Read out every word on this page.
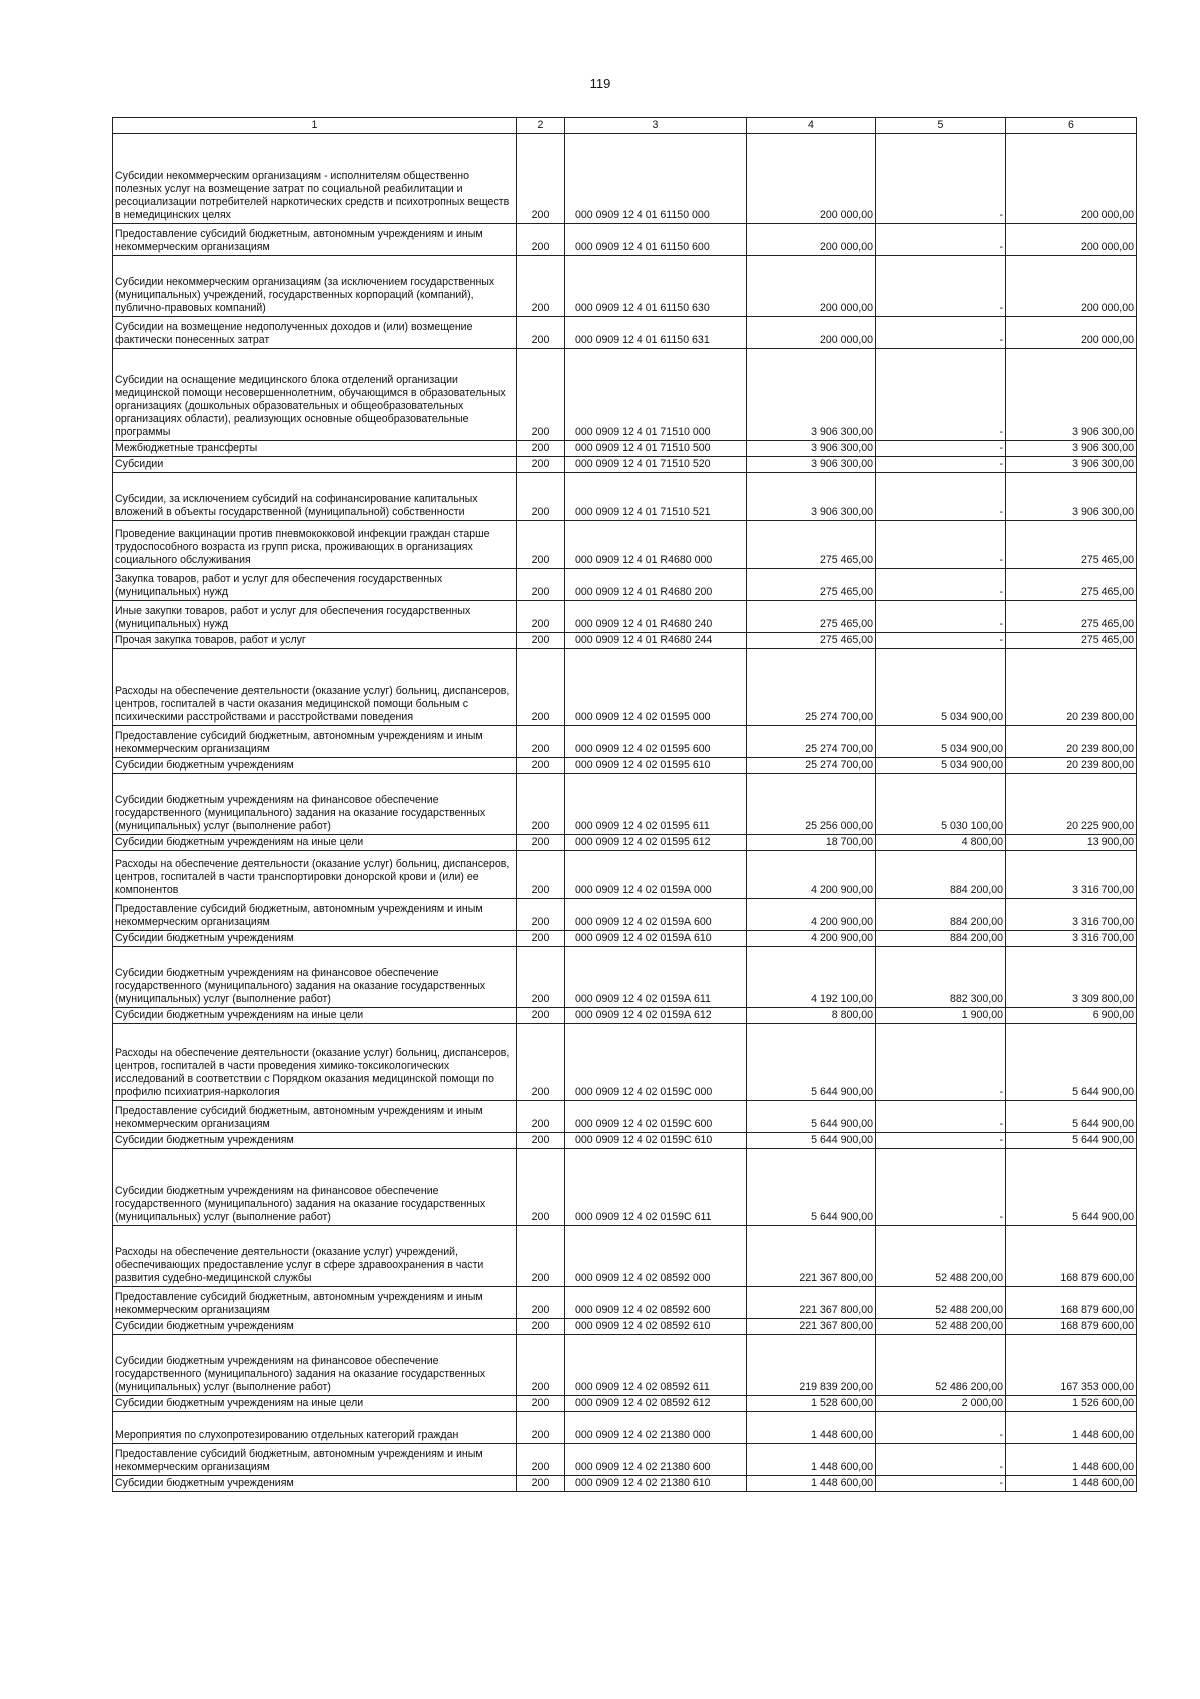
119
1	2	3	4	5	6
Субсидии некоммерческим организациям - исполнителям общественно полезных услуг на возмещение затрат по социальной реабилитации и ресоциализации потребителей наркотических средств и психотропных веществ в немедицинских целях	200	000 0909 12 4 01 61150 000	200 000,00	-	200 000,00
Предоставление субсидий бюджетным, автономным учреждениям и иным некоммерческим организациям	200	000 0909 12 4 01 61150 600	200 000,00	-	200 000,00
Субсидии некоммерческим организациям (за исключением государственных (муниципальных) учреждений, государственных корпораций (компаний), публично-правовых компаний)	200	000 0909 12 4 01 61150 630	200 000,00	-	200 000,00
Субсидии на возмещение недополученных доходов и (или) возмещение фактически понесенных затрат	200	000 0909 12 4 01 61150 631	200 000,00	-	200 000,00
Субсидии на оснащение медицинского блока отделений организации медицинской помощи несовершеннолетним, обучающимся в образовательных организациях (дошкольных образовательных и общеобразовательных организациях области), реализующих основные общеобразовательные программы	200	000 0909 12 4 01 71510 000	3 906 300,00	-	3 906 300,00
Межбюджетные трансферты	200	000 0909 12 4 01 71510 500	3 906 300,00	-	3 906 300,00
Субсидии	200	000 0909 12 4 01 71510 520	3 906 300,00	-	3 906 300,00
Субсидии, за исключением субсидий на софинансирование капитальных вложений в объекты государственной (муниципальной) собственности	200	000 0909 12 4 01 71510 521	3 906 300,00	-	3 906 300,00
Проведение вакцинации против пневмококковой инфекции граждан старше трудоспособного возраста из групп риска, проживающих в организациях социального обслуживания	200	000 0909 12 4 01 R4680 000	275 465,00	-	275 465,00
Закупка товаров, работ и услуг для обеспечения государственных (муниципальных) нужд	200	000 0909 12 4 01 R4680 200	275 465,00	-	275 465,00
Иные закупки товаров, работ и услуг для обеспечения государственных (муниципальных) нужд	200	000 0909 12 4 01 R4680 240	275 465,00	-	275 465,00
Прочая закупка товаров, работ и услуг	200	000 0909 12 4 01 R4680 244	275 465,00	-	275 465,00
Расходы на обеспечение деятельности (оказание услуг) больниц, диспансеров, центров, госпиталей в части оказания медицинской помощи больным с психическими расстройствами и расстройствами поведения	200	000 0909 12 4 02 01595 000	25 274 700,00	5 034 900,00	20 239 800,00
Предоставление субсидий бюджетным, автономным учреждениям и иным некоммерческим организациям	200	000 0909 12 4 02 01595 600	25 274 700,00	5 034 900,00	20 239 800,00
Субсидии бюджетным учреждениям	200	000 0909 12 4 02 01595 610	25 274 700,00	5 034 900,00	20 239 800,00
Субсидии бюджетным учреждениям на финансовое обеспечение государственного (муниципального) задания на оказание государственных (муниципальных) услуг (выполнение работ)	200	000 0909 12 4 02 01595 611	25 256 000,00	5 030 100,00	20 225 900,00
Субсидии бюджетным учреждениям на иные цели	200	000 0909 12 4 02 01595 612	18 700,00	4 800,00	13 900,00
Расходы на обеспечение деятельности (оказание услуг) больниц, диспансеров, центров, госпиталей в части транспортировки донорской крови и (или) ее компонентов	200	000 0909 12 4 02 0159А 000	4 200 900,00	884 200,00	3 316 700,00
Предоставление субсидий бюджетным, автономным учреждениям и иным некоммерческим организациям	200	000 0909 12 4 02 0159А 600	4 200 900,00	884 200,00	3 316 700,00
Субсидии бюджетным учреждениям	200	000 0909 12 4 02 0159А 610	4 200 900,00	884 200,00	3 316 700,00
Субсидии бюджетным учреждениям на финансовое обеспечение государственного (муниципального) задания на оказание государственных (муниципальных) услуг (выполнение работ)	200	000 0909 12 4 02 0159А 611	4 192 100,00	882 300,00	3 309 800,00
Субсидии бюджетным учреждениям на иные цели	200	000 0909 12 4 02 0159А 612	8 800,00	1 900,00	6 900,00
Расходы на обеспечение деятельности (оказание услуг) больниц, диспансеров, центров, госпиталей в части проведения химико-токсикологических исследований в соответствии с Порядком оказания медицинской помощи по профилю психиатрия-наркология	200	000 0909 12 4 02 0159С 000	5 644 900,00	-	5 644 900,00
Предоставление субсидий бюджетным, автономным учреждениям и иным некоммерческим организациям	200	000 0909 12 4 02 0159С 600	5 644 900,00	-	5 644 900,00
Субсидии бюджетным учреждениям	200	000 0909 12 4 02 0159С 610	5 644 900,00	-	5 644 900,00
Субсидии бюджетным учреждениям на финансовое обеспечение государственного (муниципального) задания на оказание государственных (муниципальных) услуг (выполнение работ)	200	000 0909 12 4 02 0159С 611	5 644 900,00	-	5 644 900,00
Расходы на обеспечение деятельности (оказание услуг) учреждений, обеспечивающих предоставление услуг в сфере здравоохранения в части развития судебно-медицинской службы	200	000 0909 12 4 02 08592 000	221 367 800,00	52 488 200,00	168 879 600,00
Предоставление субсидий бюджетным, автономным учреждениям и иным некоммерческим организациям	200	000 0909 12 4 02 08592 600	221 367 800,00	52 488 200,00	168 879 600,00
Субсидии бюджетным учреждениям	200	000 0909 12 4 02 08592 610	221 367 800,00	52 488 200,00	168 879 600,00
Субсидии бюджетным учреждениям на финансовое обеспечение государственного (муниципального) задания на оказание государственных (муниципальных) услуг (выполнение работ)	200	000 0909 12 4 02 08592 611	219 839 200,00	52 486 200,00	167 353 000,00
Субсидии бюджетным учреждениям на иные цели	200	000 0909 12 4 02 08592 612	1 528 600,00	2 000,00	1 526 600,00
Мероприятия по слухопротезированию отдельных категорий граждан	200	000 0909 12 4 02 21380 000	1 448 600,00	-	1 448 600,00
Предоставление субсидий бюджетным, автономным учреждениям и иным некоммерческим организациям	200	000 0909 12 4 02 21380 600	1 448 600,00	-	1 448 600,00
Субсидии бюджетным учреждениям	200	000 0909 12 4 02 21380 610	1 448 600,00	-	1 448 600,00
